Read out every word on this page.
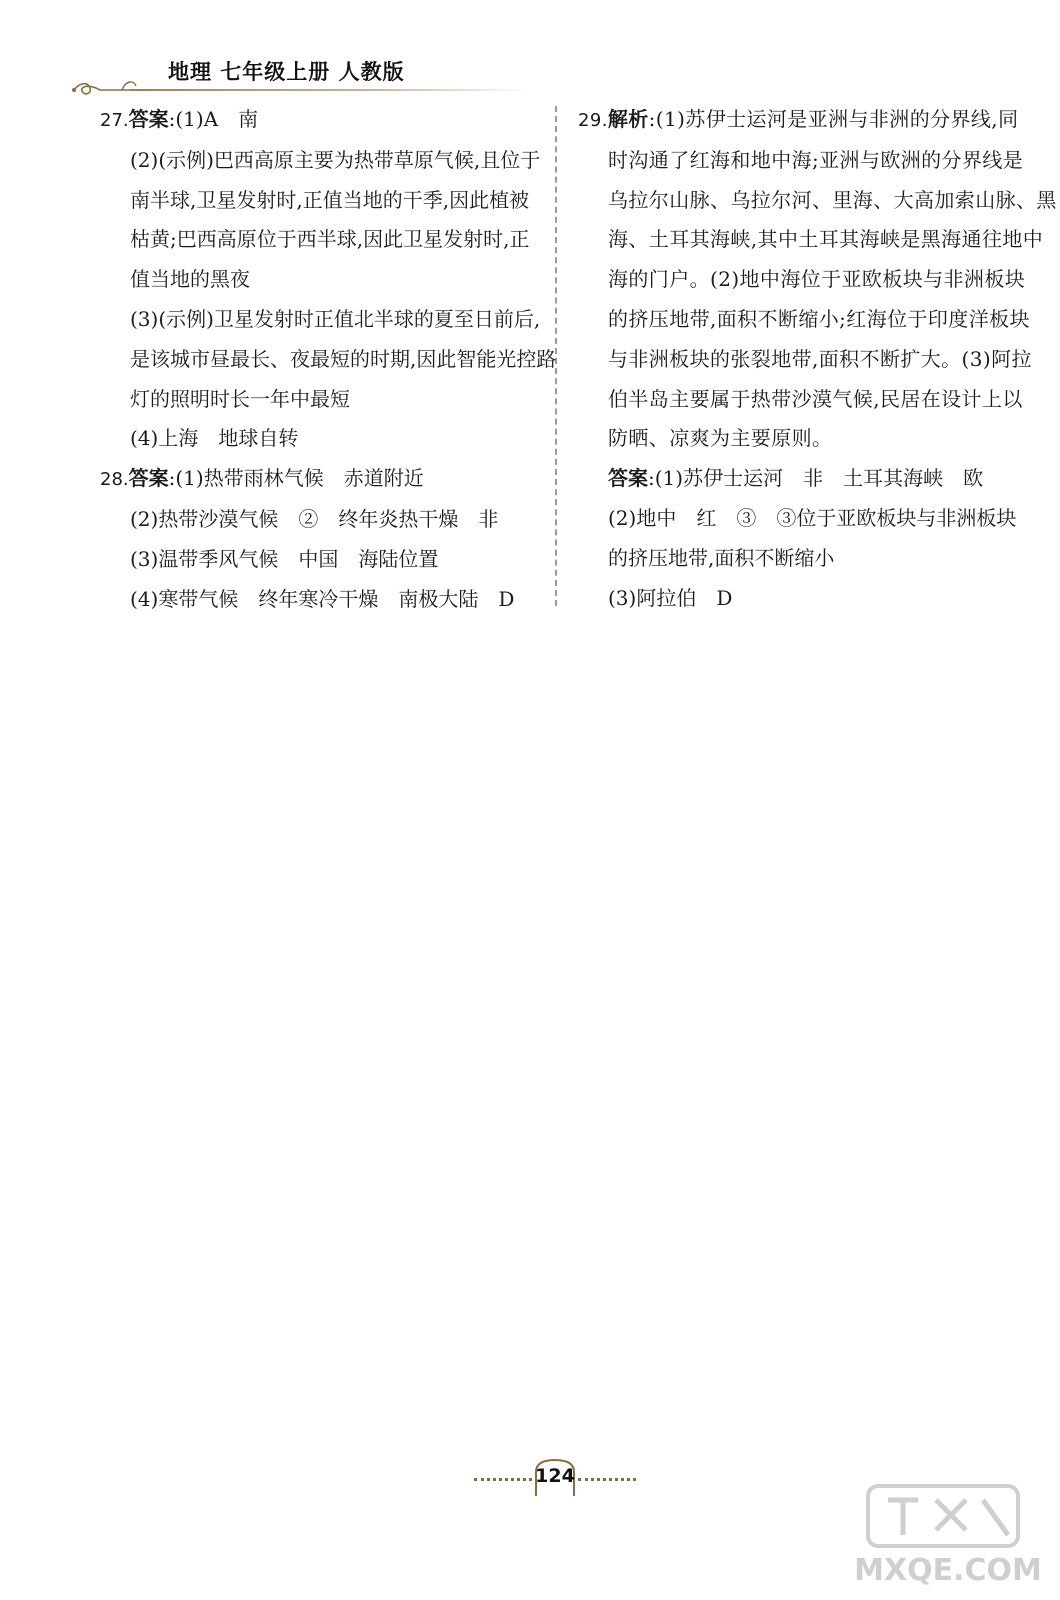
地理 七年级上册 人教版
27.答案:(1)A　南
(2)(示例)巴西高原主要为热带草原气候,且位于
南半球,卫星发射时,正值当地的干季,因此植被
枯黄;巴西高原位于西半球,因此卫星发射时,正
值当地的黑夜
(3)(示例)卫星发射时正值北半球的夏至日前后,
是该城市昼最长、夜最短的时期,因此智能光控路
灯的照明时长一年中最短
(4)上海　地球自转
28.答案:(1)热带雨林气候　赤道附近
(2)热带沙漠气候　②　终年炎热干燥　非
(3)温带季风气候　中国　海陆位置
(4)寒带气候　终年寒冷干燥　南极大陆　D
29.解析:(1)苏伊士运河是亚洲与非洲的分界线,同
时沟通了红海和地中海;亚洲与欧洲的分界线是
乌拉尔山脉、乌拉尔河、里海、大高加索山脉、黑
海、土耳其海峡,其中土耳其海峡是黑海通往地中
海的门户。(2)地中海位于亚欧板块与非洲板块
的挤压地带,面积不断缩小;红海位于印度洋板块
与非洲板块的张裂地带,面积不断扩大。(3)阿拉
伯半岛主要属于热带沙漠气候,民居在设计上以
防晒、凉爽为主要原则。
答案:(1)苏伊士运河　非　土耳其海峡　欧
(2)地中　红　③　③位于亚欧板块与非洲板块
的挤压地带,面积不断缩小
(3)阿拉伯　D
124
MXQE.COM
